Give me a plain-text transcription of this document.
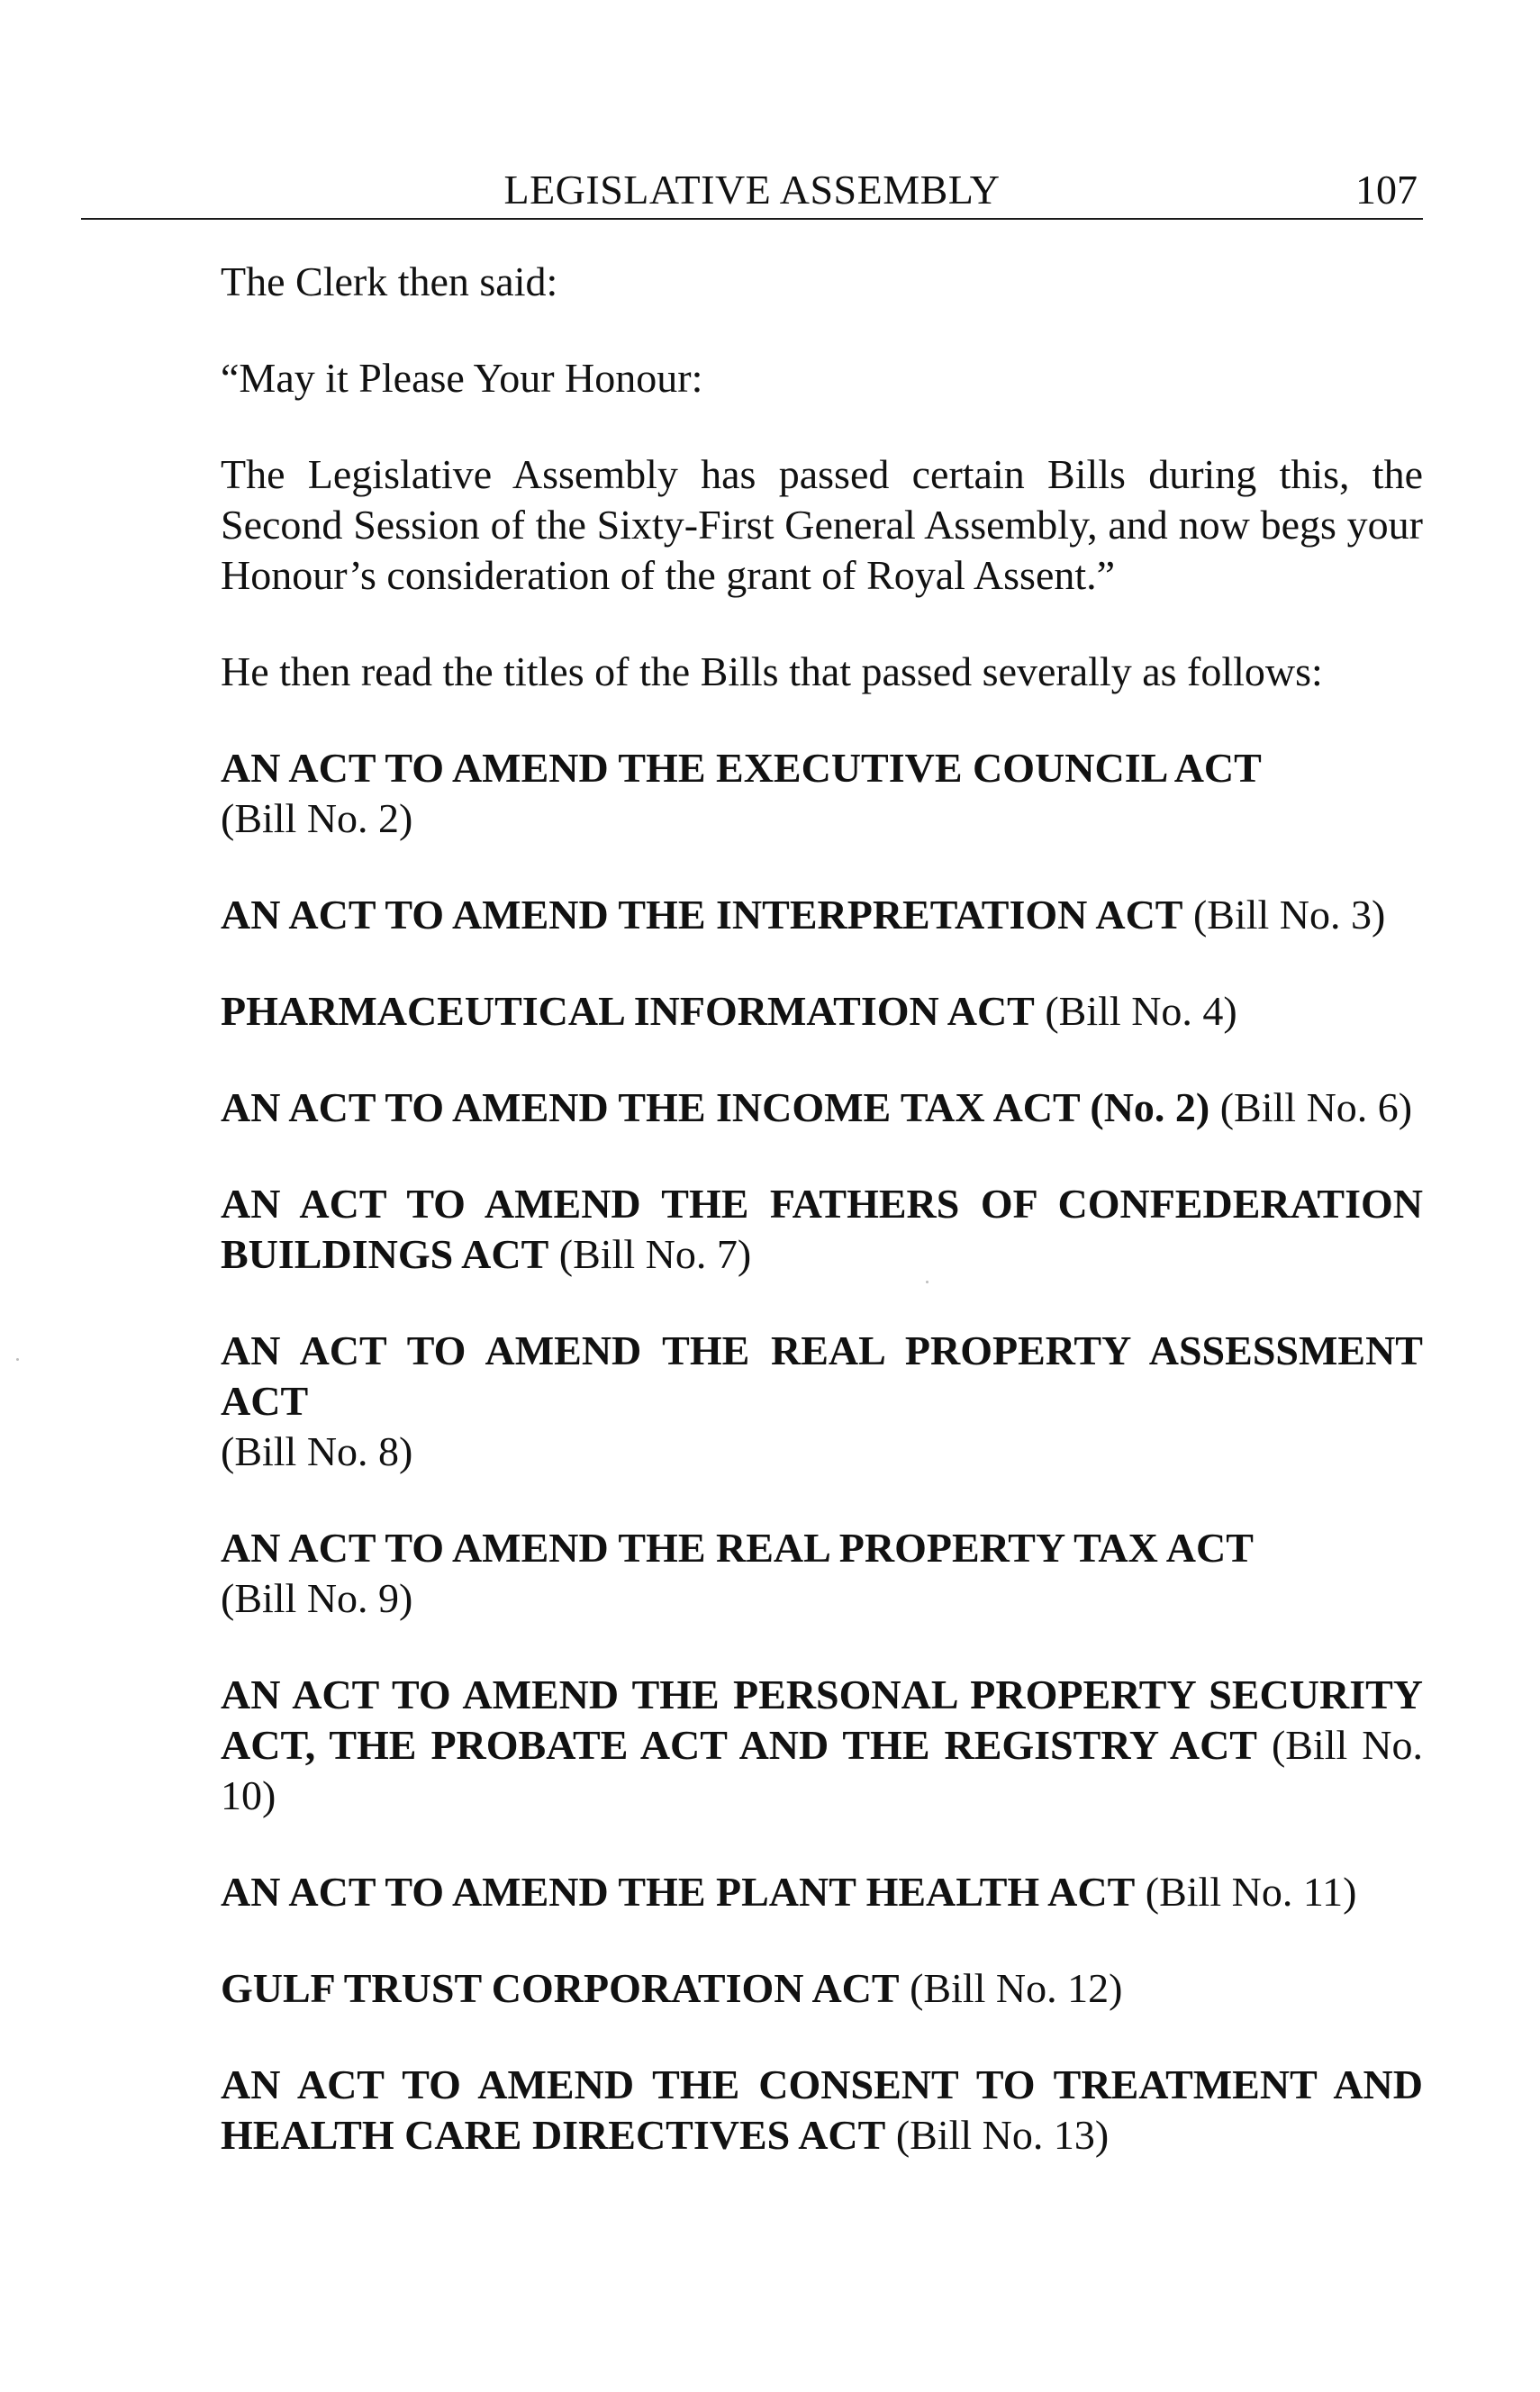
LEGISLATIVE ASSEMBLY	107

The Clerk then said:

“May it Please Your Honour:

The Legislative Assembly has passed certain Bills during this, the Second Session of the Sixty-First General Assembly, and now begs your Honour’s consideration of the grant of Royal Assent.”

He then read the titles of the Bills that passed severally as follows:

AN ACT TO AMEND THE EXECUTIVE COUNCIL ACT
(Bill No. 2)

AN ACT TO AMEND THE INTERPRETATION ACT (Bill No. 3)

PHARMACEUTICAL INFORMATION ACT (Bill No. 4)

AN ACT TO AMEND THE INCOME TAX ACT (No. 2) (Bill No. 6)

AN ACT TO AMEND THE FATHERS OF CONFEDERATION BUILDINGS ACT (Bill No. 7)

AN ACT TO AMEND THE REAL PROPERTY ASSESSMENT ACT
(Bill No. 8)

AN ACT TO AMEND THE REAL PROPERTY TAX ACT
(Bill No. 9)

AN ACT TO AMEND THE PERSONAL PROPERTY SECURITY ACT, THE PROBATE ACT AND THE REGISTRY ACT (Bill No. 10)

AN ACT TO AMEND THE PLANT HEALTH ACT (Bill No. 11)

GULF TRUST CORPORATION ACT (Bill No. 12)

AN ACT TO AMEND THE CONSENT TO TREATMENT AND HEALTH CARE DIRECTIVES ACT (Bill No. 13)
